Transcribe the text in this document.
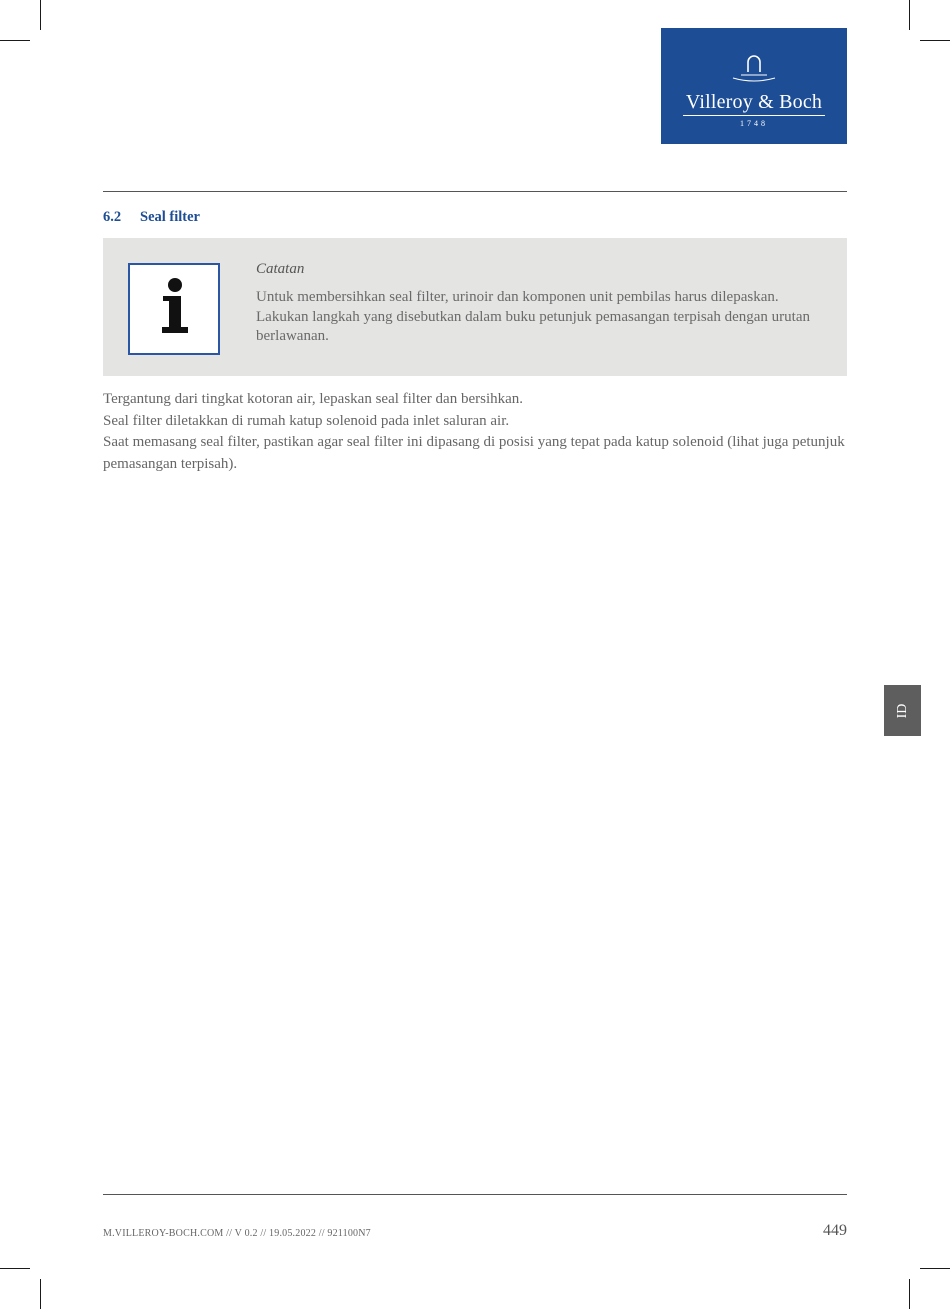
Villeroy & Boch
1748
6.2 Seal filter
Catatan
Untuk membersihkan seal filter, urinoir dan komponen unit pembilas harus dilepaskan. Lakukan langkah yang disebutkan dalam buku petunjuk pemasangan terpisah dengan urutan berlawanan.

Tergantung dari tingkat kotoran air, lepaskan seal filter dan bersihkan.

Seal filter diletakkan di rumah katup solenoid pada inlet saluran air.

Saat memasang seal filter, pastikan agar seal filter ini dipasang di posisi yang tepat pada katup solenoid (lihat juga petunjuk pemasangan terpisah).

ID
M.VILLEROY-BOCH.COM // V 0.2 // 19.05.2022 // 921100N7	449
